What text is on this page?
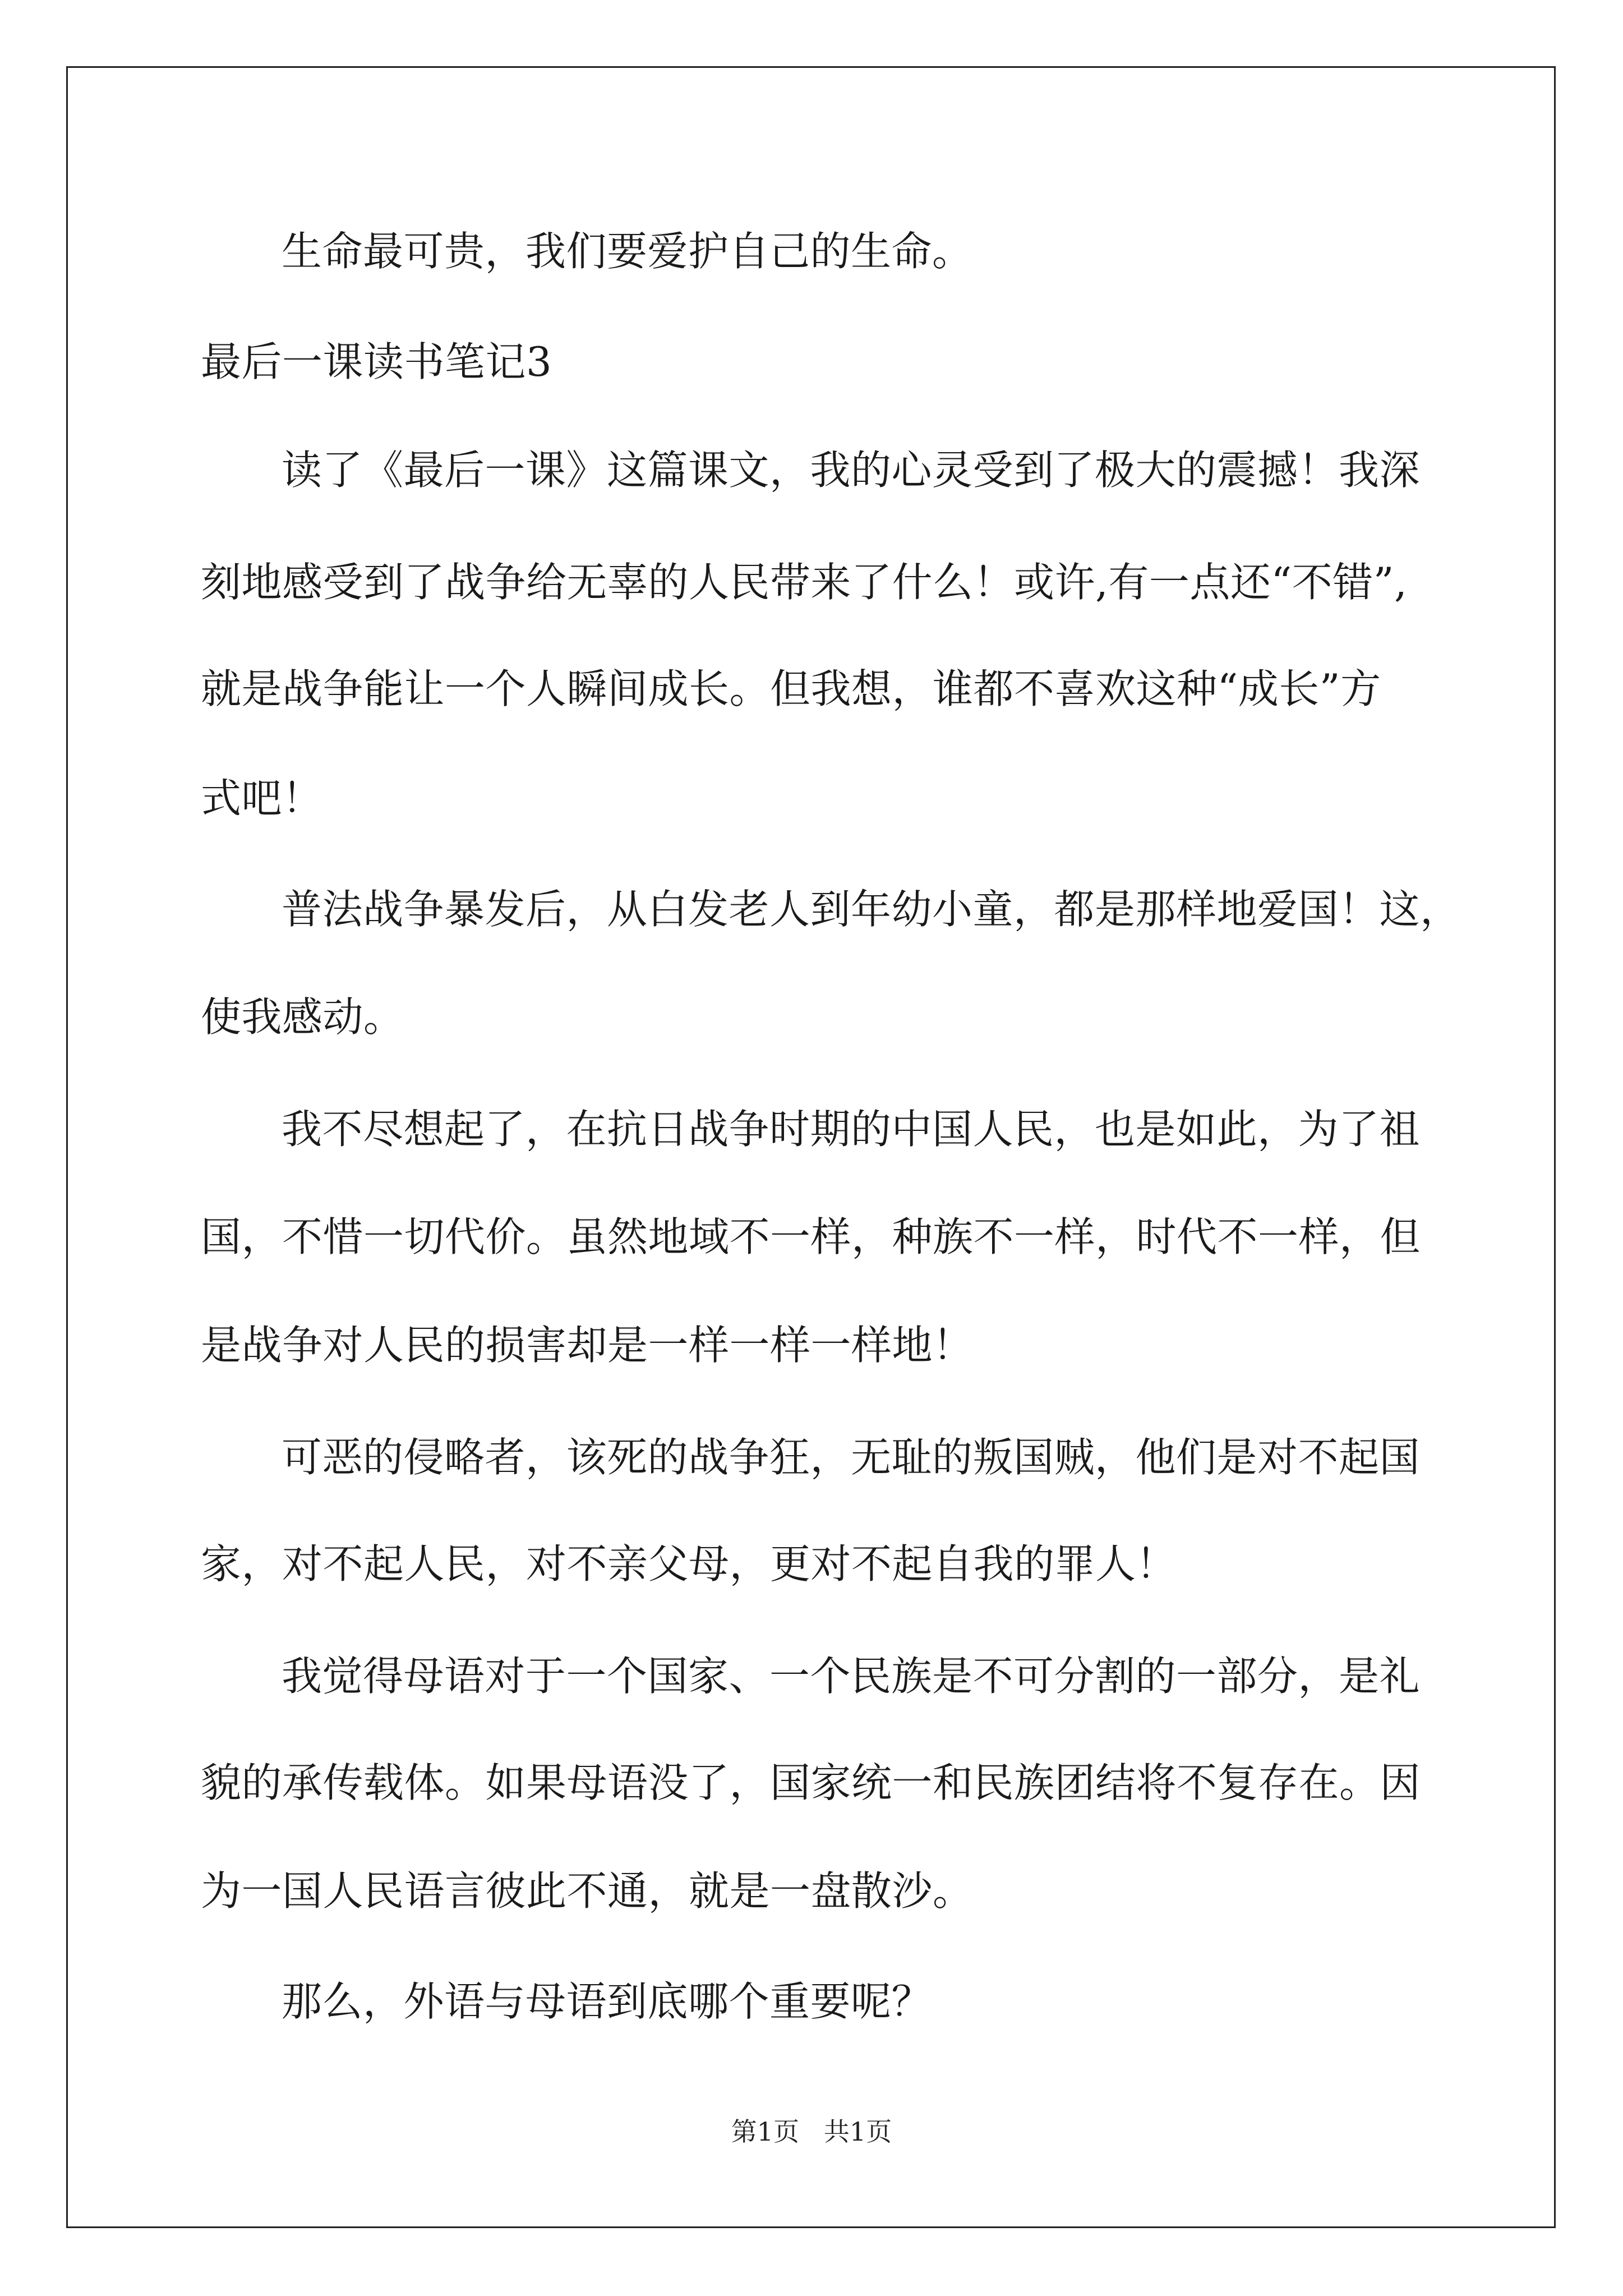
生命最可贵，我们要爱护自己的生命。
最后一课读书笔记3
读了《最后一课》这篇课文，我的心灵受到了极大的震撼！我深
刻地感受到了战争给无辜的人民带来了什么！或许,有一点还“不错”,
就是战争能让一个人瞬间成长。但我想，谁都不喜欢这种“成长”方
式吧！
普法战争暴发后，从白发老人到年幼小童，都是那样地爱国！这，
使我感动。
我不尽想起了，在抗日战争时期的中国人民，也是如此，为了祖
国，不惜一切代价。虽然地域不一样，种族不一样，时代不一样，但
是战争对人民的损害却是一样一样一样地！
可恶的侵略者，该死的战争狂，无耻的叛国贼，他们是对不起国
家，对不起人民，对不亲父母，更对不起自我的罪人！
我觉得母语对于一个国家、一个民族是不可分割的一部分，是礼
貌的承传载体。如果母语没了，国家统一和民族团结将不复存在。因
为一国人民语言彼此不通，就是一盘散沙。
那么，外语与母语到底哪个重要呢？
第1页   共1页
